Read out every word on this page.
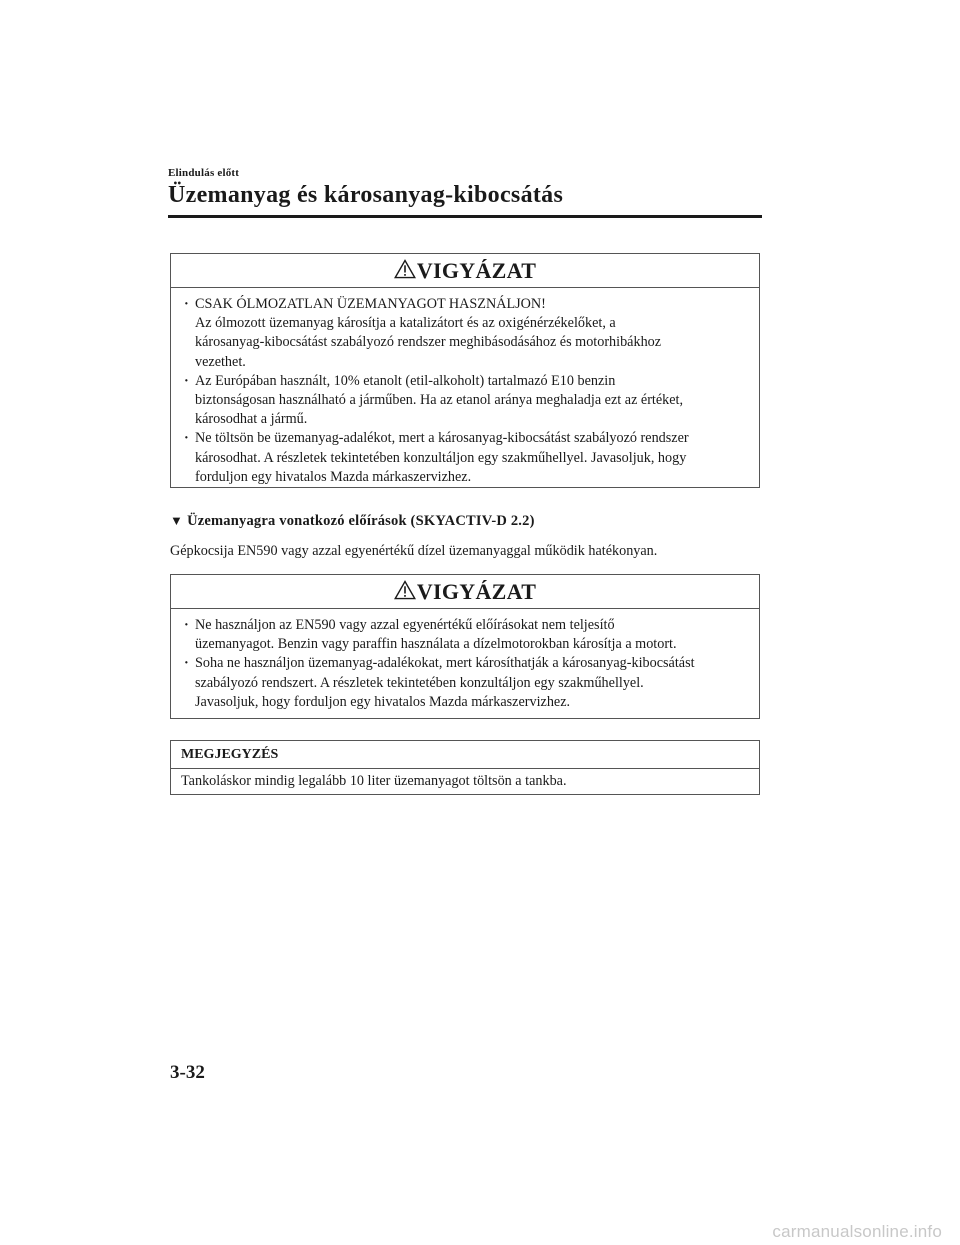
Elindulás előtt
Üzemanyag és károsanyag-kibocsátás
VIGYÁZAT
· CSAK ÓLMOZATLAN ÜZEMANYAGOT HASZNÁLJON!
Az ólmozott üzemanyag károsítja a katalizátort és az oxigénérzékelőket, a
károsanyag-kibocsátást szabályozó rendszer meghibásodásához és motorhibákhoz
vezethet.
· Az Európában használt, 10% etanolt (etil-alkoholt) tartalmazó E10 benzin
biztonságosan használható a járműben. Ha az etanol aránya meghaladja ezt az értéket,
károsodhat a jármű.
· Ne töltsön be üzemanyag-adalékot, mert a károsanyag-kibocsátást szabályozó rendszer
károsodhat. A részletek tekintetében konzultáljon egy szakműhellyel. Javasoljuk, hogy
forduljon egy hivatalos Mazda márkaszervizhez.
▼ Üzemanyagra vonatkozó előírások (SKYACTIV-D 2.2)
Gépkocsija EN590 vagy azzal egyenértékű dízel üzemanyaggal működik hatékonyan.
VIGYÁZAT
· Ne használjon az EN590 vagy azzal egyenértékű előírásokat nem teljesítő
üzemanyagot. Benzin vagy paraffin használata a dízelmotorokban károsítja a motort.
· Soha ne használjon üzemanyag-adalékokat, mert károsíthatják a károsanyag-kibocsátást
szabályozó rendszert. A részletek tekintetében konzultáljon egy szakműhellyel.
Javasoljuk, hogy forduljon egy hivatalos Mazda márkaszervizhez.
MEGJEGYZÉS
Tankoláskor mindig legalább 10 liter üzemanyagot töltsön a tankba.
3-32
carmanualsonline.info
